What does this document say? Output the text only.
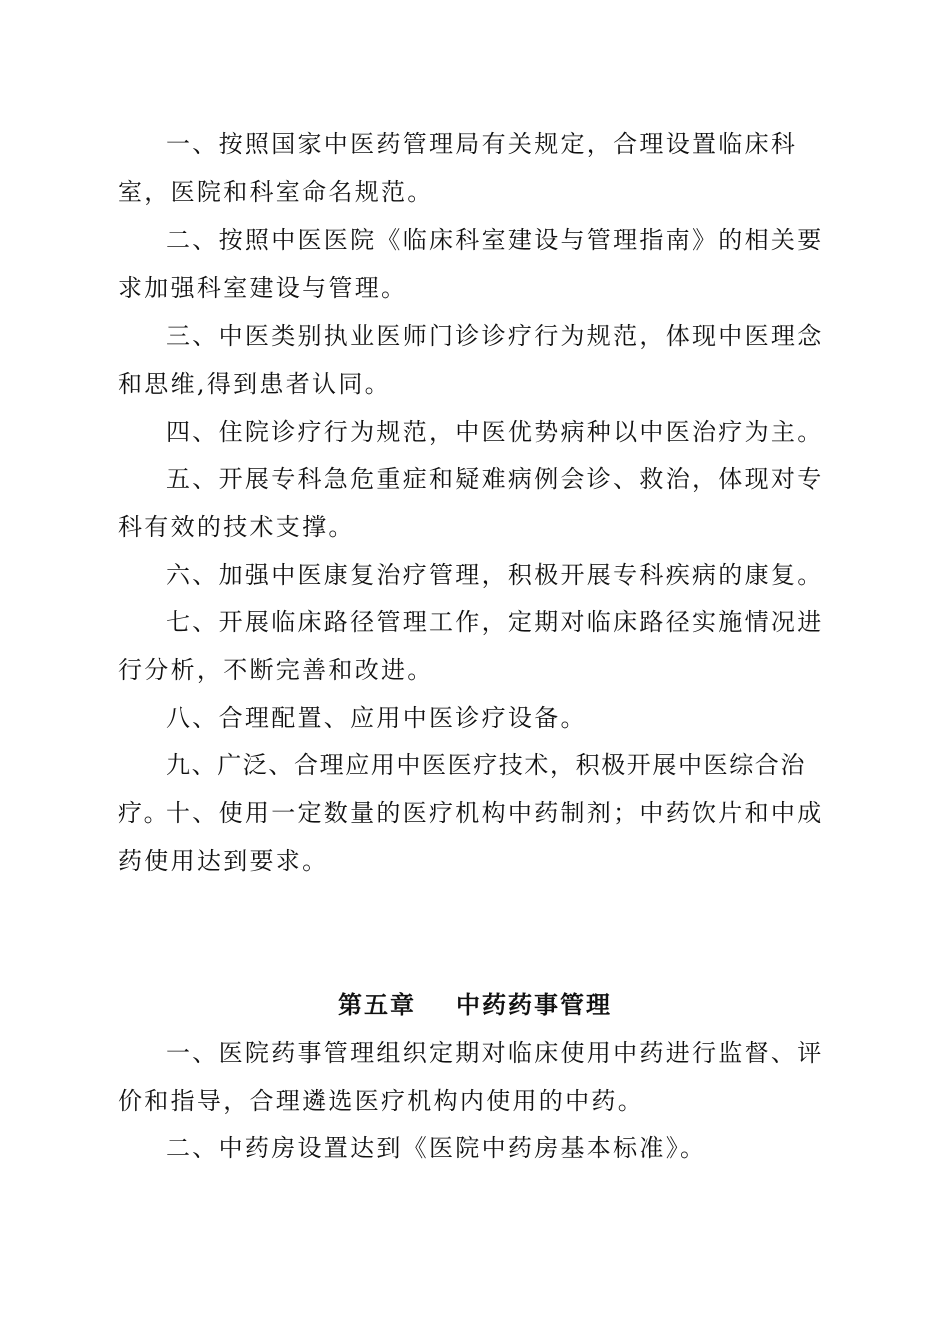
一、按照国家中医药管理局有关规定，合理设置临床科室，医院和科室命名规范。

二、按照中医医院《临床科室建设与管理指南》的相关要求加强科室建设与管理。

三、中医类别执业医师门诊诊疗行为规范，体现中医理念和思维,得到患者认同。

四、住院诊疗行为规范，中医优势病种以中医治疗为主。

五、开展专科急危重症和疑难病例会诊、救治，体现对专科有效的技术支撑。

六、加强中医康复治疗管理，积极开展专科疾病的康复。

七、开展临床路径管理工作，定期对临床路径实施情况进行分析，不断完善和改进。

八、合理配置、应用中医诊疗设备。

九、广泛、合理应用中医医疗技术，积极开展中医综合治疗。

十、使用一定数量的医疗机构中药制剂；中药饮片和中成药使用达到要求。

第五章 中药药事管理

一、医院药事管理组织定期对临床使用中药进行监督、评价和指导，合理遴选医疗机构内使用的中药。

二、中药房设置达到《医院中药房基本标准》。
